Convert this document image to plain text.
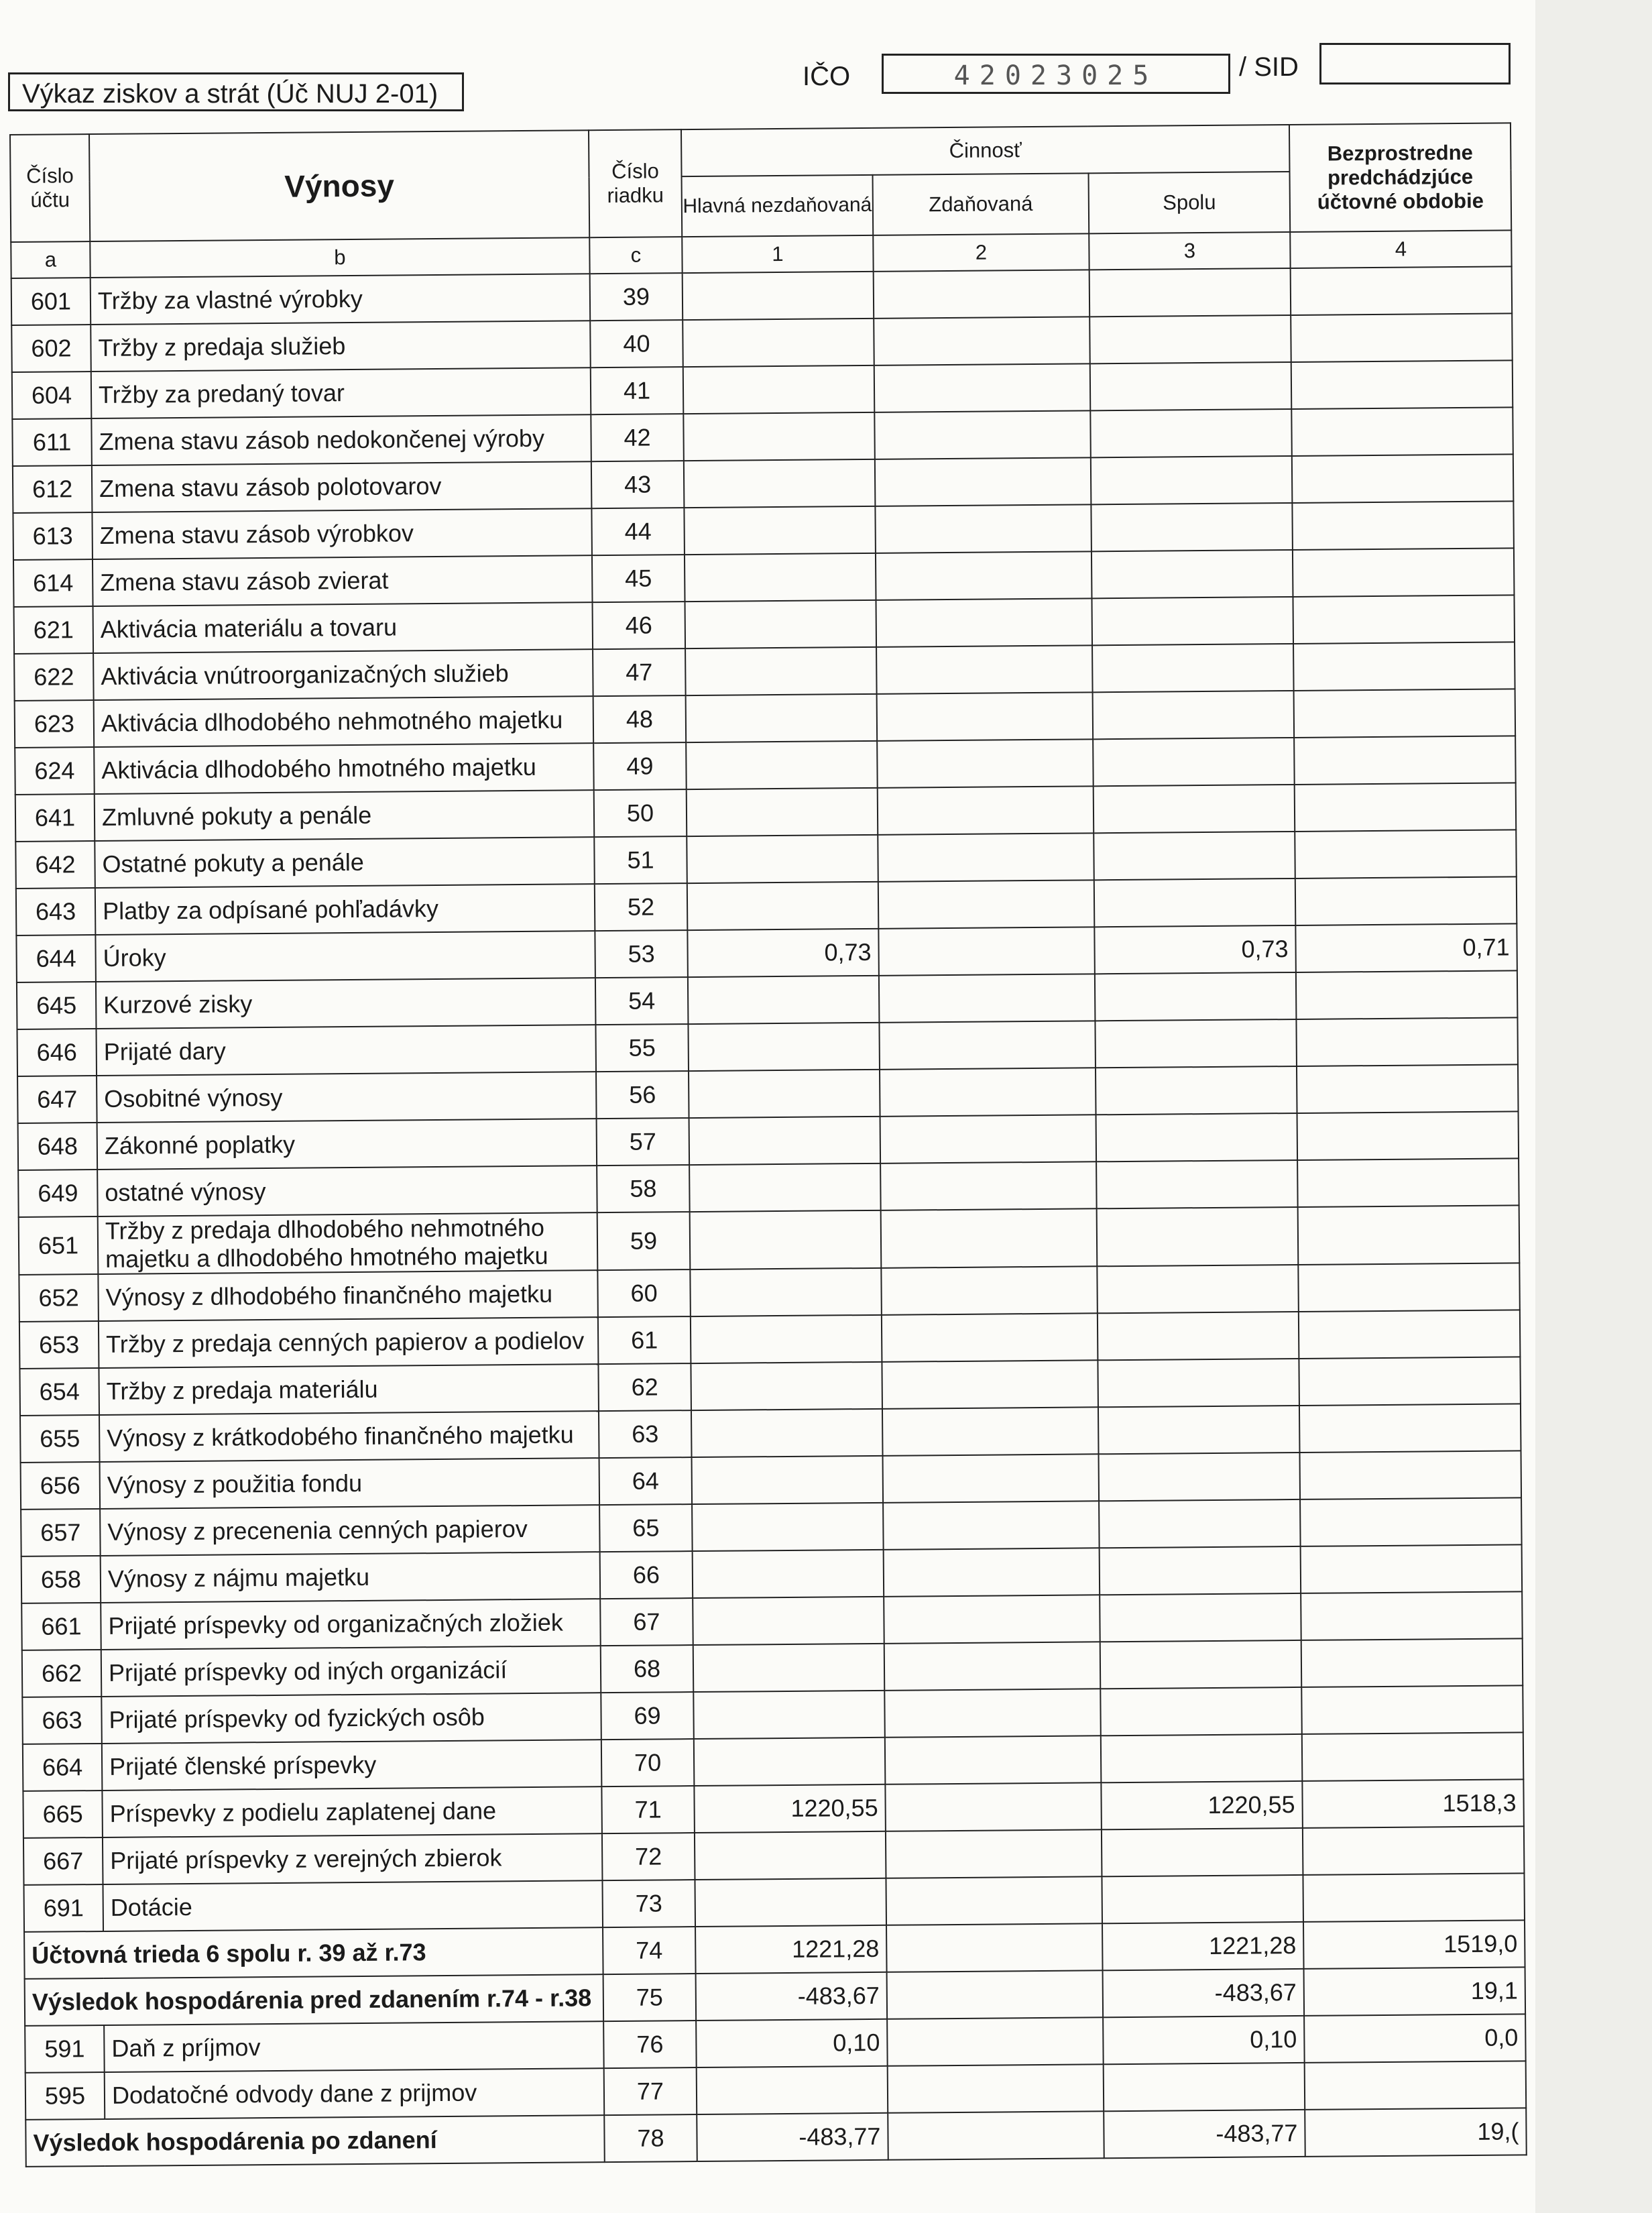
Výkaz ziskov a strát (Úč NUJ 2-01)
IČO	42023025	/ SID
Číslo účtu	Výnosy	Číslo riadku	Činnosť			Bezprostredne predchádzjúce účtovné obdobie
			Hlavná nezdaňovaná	Zdaňovaná	Spolu	
a	b	c	1	2	3	4
601	Tržby za vlastné výrobky	39				
602	Tržby z predaja služieb	40				
604	Tržby za predaný tovar	41				
611	Zmena stavu zásob nedokončenej výroby	42				
612	Zmena stavu zásob polotovarov	43				
613	Zmena stavu zásob výrobkov	44				
614	Zmena stavu zásob zvierat	45				
621	Aktivácia materiálu a tovaru	46				
622	Aktivácia vnútroorganizačných služieb	47				
623	Aktivácia dlhodobého nehmotného majetku	48				
624	Aktivácia dlhodobého hmotného majetku	49				
641	Zmluvné pokuty a penále	50				
642	Ostatné pokuty a penále	51				
643	Platby za odpísané pohľadávky	52				
644	Úroky	53	0,73		0,73	0,71
645	Kurzové zisky	54				
646	Prijaté dary	55				
647	Osobitné výnosy	56				
648	Zákonné poplatky	57				
649	ostatné výnosy	58				
651	Tržby z predaja dlhodobého nehmotného majetku a dlhodobého hmotného majetku	59				
652	Výnosy z dlhodobého finančného majetku	60				
653	Tržby z predaja cenných papierov a podielov	61				
654	Tržby z predaja materiálu	62				
655	Výnosy z krátkodobého finančného majetku	63				
656	Výnosy z použitia fondu	64				
657	Výnosy z precenenia cenných papierov	65				
658	Výnosy z nájmu majetku	66				
661	Prijaté príspevky od organizačných zložiek	67				
662	Prijaté príspevky od iných organizácií	68				
663	Prijaté príspevky od fyzických osôb	69				
664	Prijaté členské príspevky	70				
665	Príspevky z podielu zaplatenej dane	71	1220,55		1220,55	1518,3
667	Prijaté príspevky z verejných zbierok	72				
691	Dotácie	73				
Účtovná trieda 6 spolu r. 39 až r.73		74	1221,28		1221,28	1519,0
Výsledok hospodárenia pred zdanením r.74 - r.38		75	-483,67		-483,67	19,1
591	Daň z príjmov	76	0,10		0,10	0,0
595	Dodatočné odvody dane z prijmov	77				
Výsledok hospodárenia po zdanení		78	-483,77		-483,77	19,(
